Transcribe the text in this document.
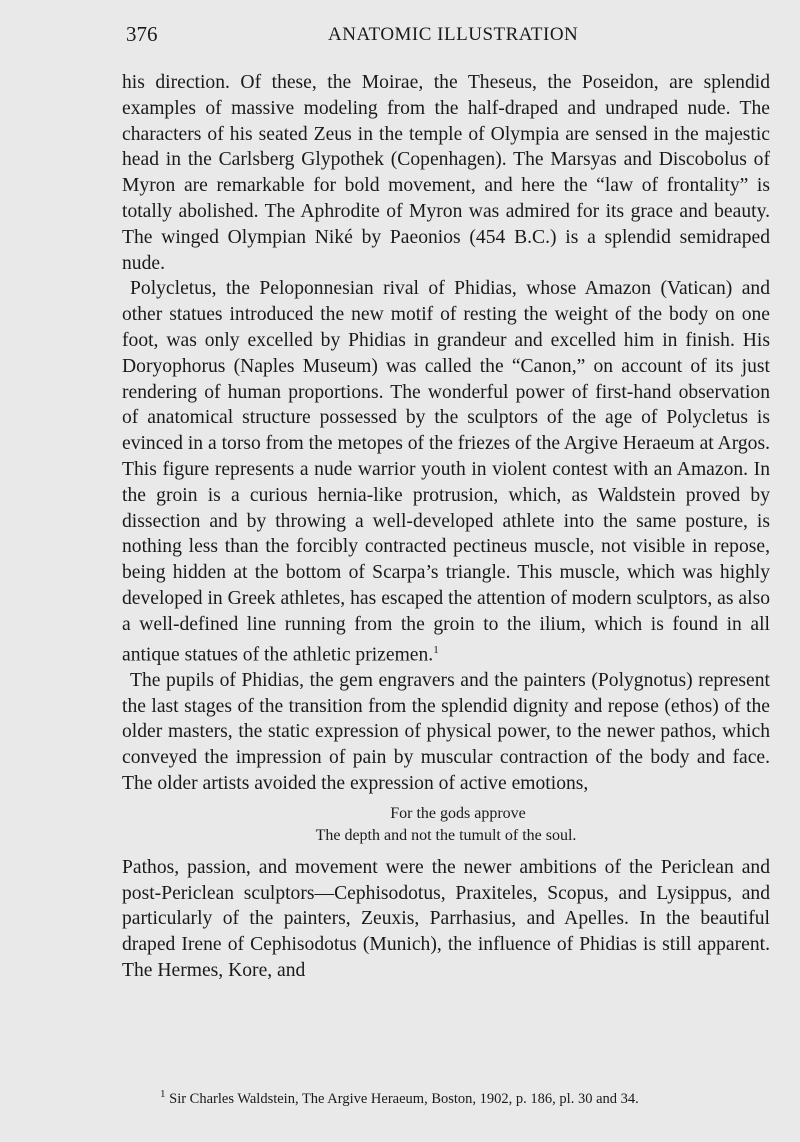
376	ANATOMIC ILLUSTRATION

his direction. Of these, the Moirae, the Theseus, the Poseidon, are splendid examples of massive modeling from the half-draped and undraped nude. The characters of his seated Zeus in the temple of Olympia are sensed in the majestic head in the Carlsberg Glypothek (Copenhagen). The Marsyas and Discobolus of Myron are remarkable for bold movement, and here the “law of frontality” is totally abolished. The Aphrodite of Myron was admired for its grace and beauty. The winged Olympian Niké by Paeonios (454 B.C.) is a splendid semidraped nude.

Polycletus, the Peloponnesian rival of Phidias, whose Amazon (Vatican) and other statues introduced the new motif of resting the weight of the body on one foot, was only excelled by Phidias in grandeur and excelled him in finish. His Doryophorus (Naples Museum) was called the “Canon,” on account of its just rendering of human proportions. The wonderful power of first-hand observation of anatomical structure possessed by the sculptors of the age of Polycletus is evinced in a torso from the metopes of the friezes of the Argive Heraeum at Argos. This figure represents a nude warrior youth in violent contest with an Amazon. In the groin is a curious hernia-like protrusion, which, as Waldstein proved by dissection and by throwing a well-developed athlete into the same posture, is nothing less than the forcibly contracted pectineus muscle, not visible in repose, being hidden at the bottom of Scarpa’s triangle. This muscle, which was highly developed in Greek athletes, has escaped the attention of modern sculptors, as also a well-defined line running from the groin to the ilium, which is found in all antique statues of the athletic prizemen.$^1$

The pupils of Phidias, the gem engravers and the painters (Polygnotus) represent the last stages of the transition from the splendid dignity and repose (ethos) of the older masters, the static expression of physical power, to the newer pathos, which conveyed the impression of pain by muscular contraction of the body and face. The older artists avoided the expression of active emotions,

For the gods approve
The depth and not the tumult of the soul.

Pathos, passion, and movement were the newer ambitions of the Periclean and post-Periclean sculptors—Cephisodotus, Praxiteles, Scopus, and Lysippus, and particularly of the painters, Zeuxis, Parrhasius, and Apelles. In the beautiful draped Irene of Cephisodotus (Munich), the influence of Phidias is still apparent. The Hermes, Kore, and

$^1$ Sir Charles Waldstein, The Argive Heraeum, Boston, 1902, p. 186, pl. 30 and 34.
